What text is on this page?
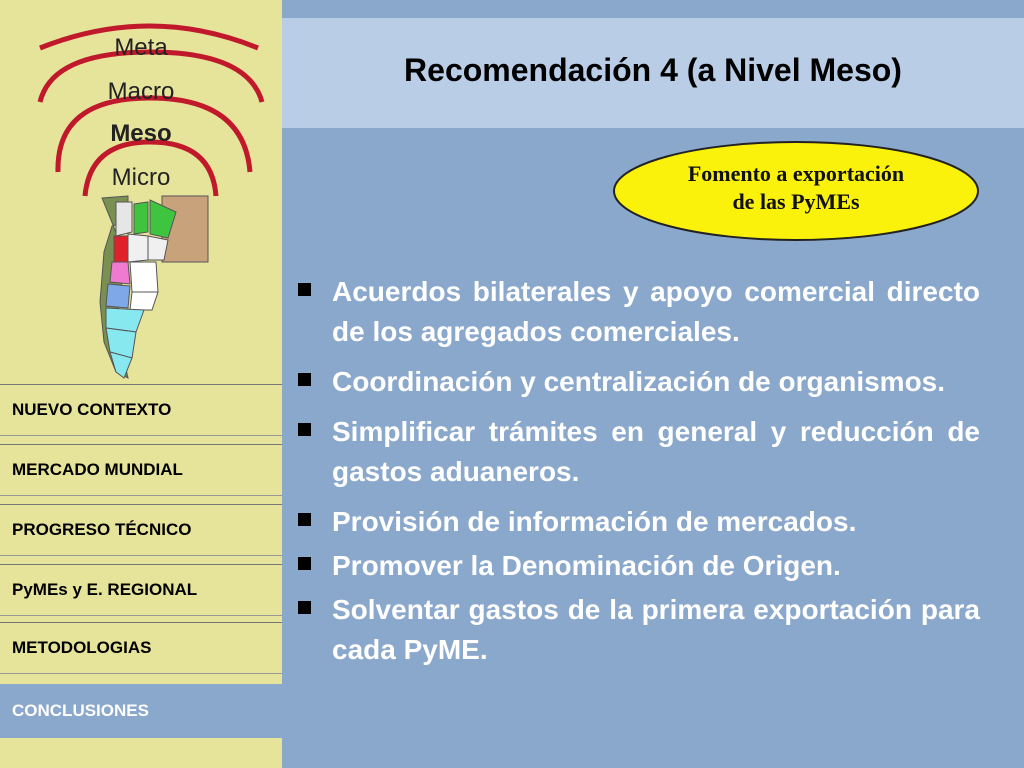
Meta
Macro
Meso
Micro
NUEVO CONTEXTO
MERCADO MUNDIAL
PROGRESO TÉCNICO
PyMEs y E. REGIONAL
METODOLOGIAS
CONCLUSIONES
Recomendación 4 (a Nivel Meso)
Fomento a exportación
de las PyMEs
Acuerdos bilaterales y apoyo comercial directo de los agregados comerciales.
Coordinación y centralización de organismos.
Simplificar trámites en general y reducción de gastos aduaneros.
Provisión de información de mercados.
Promover la Denominación de Origen.
Solventar gastos de la primera exportación para cada PyME.
